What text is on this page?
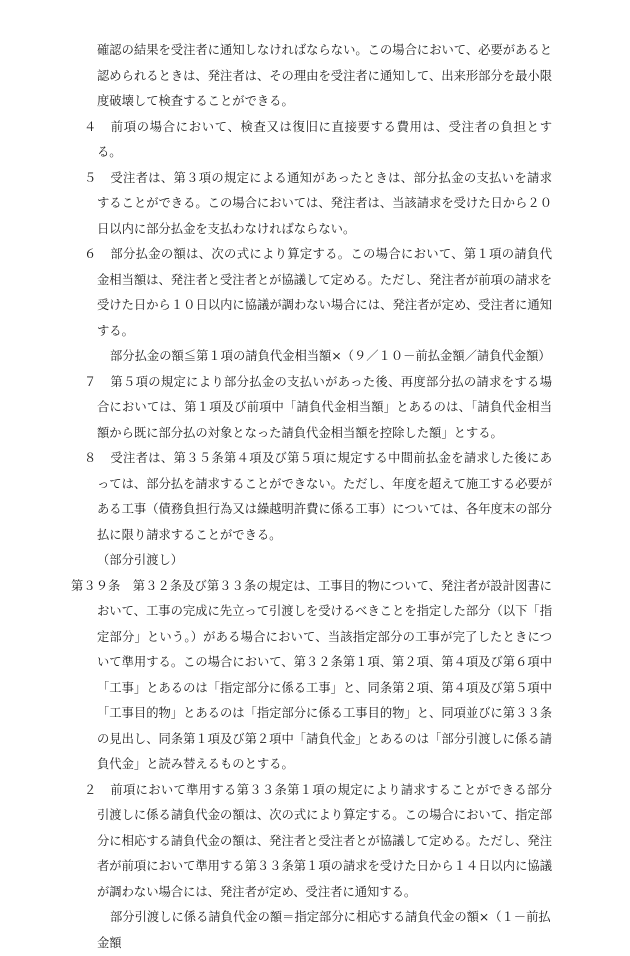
確認の結果を受注者に通知しなければならない。この場合において、必要があると認められるときは、発注者は、その理由を受注者に通知して、出来形部分を最小限度破壊して検査することができる。

４ 前項の場合において、検査又は復旧に直接要する費用は、受注者の負担とする。

５ 受注者は、第３項の規定による通知があったときは、部分払金の支払いを請求することができる。この場合においては、発注者は、当該請求を受けた日から２０日以内に部分払金を支払わなければならない。

６ 部分払金の額は、次の式により算定する。この場合において、第１項の請負代金相当額は、発注者と受注者とが協議して定める。ただし、発注者が前項の請求を受けた日から１０日以内に協議が調わない場合には、発注者が定め、受注者に通知する。

部分払金の額≦第１項の請負代金相当額×（９／１０－前払金額／請負代金額）

７ 第５項の規定により部分払金の支払いがあった後、再度部分払の請求をする場合においては、第１項及び前項中「請負代金相当額」とあるのは、「請負代金相当額から既に部分払の対象となった請負代金相当額を控除した額」とする。

８ 受注者は、第３５条第４項及び第５項に規定する中間前払金を請求した後にあっては、部分払を請求することができない。ただし、年度を超えて施工する必要がある工事（債務負担行為又は繰越明許費に係る工事）については、各年度末の部分払に限り請求することができる。

（部分引渡し）

第３９条　 第３２条及び第３３条の規定は、工事目的物について、発注者が設計図書において、工事の完成に先立って引渡しを受けるべきことを指定した部分（以下「指定部分」という。）がある場合において、当該指定部分の工事が完了したときについて準用する。この場合において、第３２条第１項、第２項、第４項及び第６項中「工事」とあるのは「指定部分に係る工事」と、同条第２項、第４項及び第５項中「工事目的物」とあるのは「指定部分に係る工事目的物」と、同項並びに第３３条の見出し、同条第１項及び第２項中「請負代金」とあるのは「部分引渡しに係る請負代金」と読み替えるものとする。

２ 前項において準用する第３３条第１項の規定により請求することができる部分引渡しに係る請負代金の額は、次の式により算定する。この場合において、指定部分に相応する請負代金の額は、発注者と受注者とが協議して定める。ただし、発注者が前項において準用する第３３条第１項の請求を受けた日から１４日以内に協議が調わない場合には、発注者が定め、受注者に通知する。

部分引渡しに係る請負代金の額＝指定部分に相応する請負代金の額×（１－前払金額
